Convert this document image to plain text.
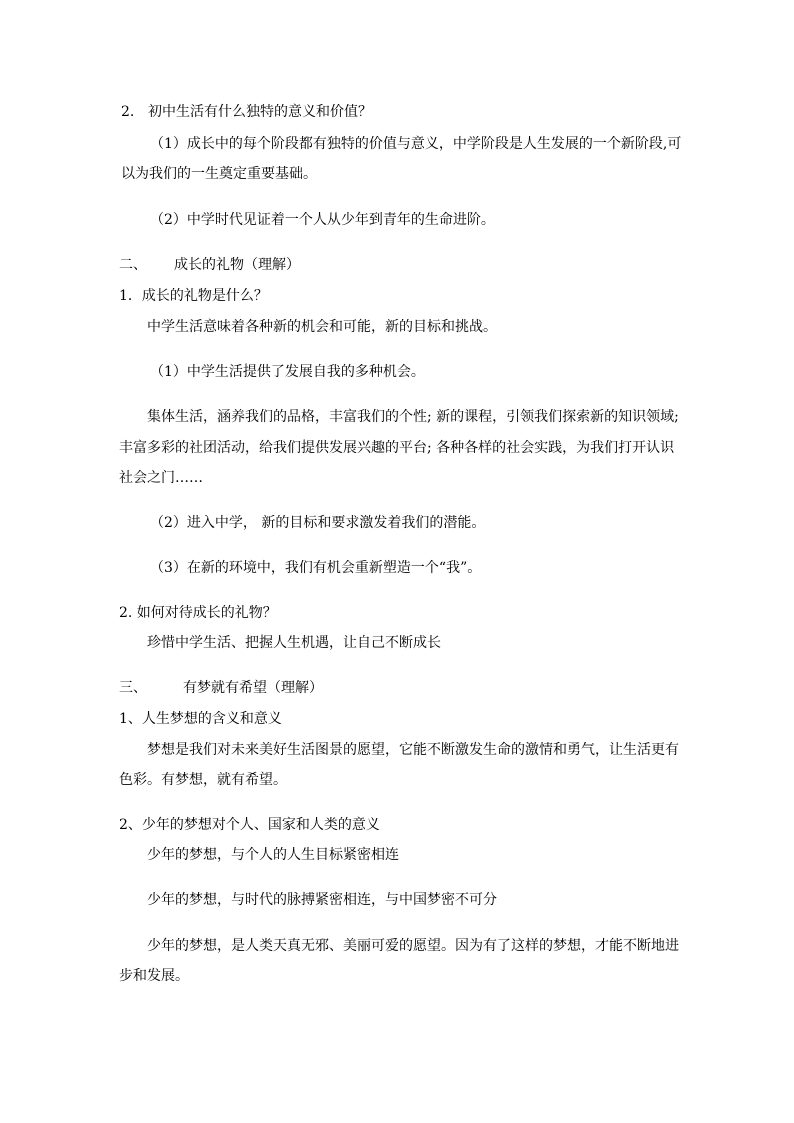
2. 初中生活有什么独特的意义和价值？
（1）成长中的每个阶段都有独特的价值与意义，中学阶段是人生发展的一个新阶段,可
以为我们的一生奠定重要基础。
（2）中学时代见证着一个人从少年到青年的生命进阶。
二、 成长的礼物（理解）
1．成长的礼物是什么？
中学生活意味着各种新的机会和可能，新的目标和挑战。
（1）中学生活提供了发展自我的多种机会。
集体生活，涵养我们的品格，丰富我们的个性; 新的课程，引领我们探索新的知识领域;
丰富多彩的社团活动，给我们提供发展兴趣的平台; 各种各样的社会实践，为我们打开认识
社会之门……
（2）进入中学， 新的目标和要求激发着我们的潜能。
（3）在新的环境中，我们有机会重新塑造一个“我”。
2. 如何对待成长的礼物？
珍惜中学生活、把握人生机遇，让自己不断成长
三、	有梦就有希望（理解）
1、人生梦想的含义和意义
梦想是我们对未来美好生活图景的愿望，它能不断激发生命的激情和勇气，让生活更有
色彩。有梦想，就有希望。
2、少年的梦想对个人、国家和人类的意义
少年的梦想，与个人的人生目标紧密相连
少年的梦想，与时代的脉搏紧密相连，与中国梦密不可分
少年的梦想，是人类天真无邪、美丽可爱的愿望。因为有了这样的梦想，才能不断地进
步和发展。
